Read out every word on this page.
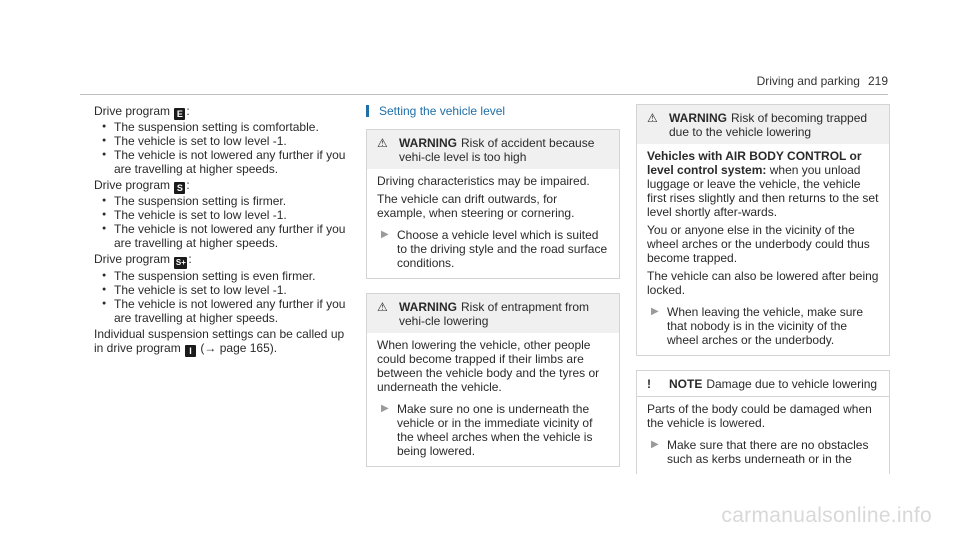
Driving and parking 219

Drive program E :

● The suspension setting is comfortable.
● The vehicle is set to low level -1.
● The vehicle is not lowered any further if you are travelling at higher speeds.

Drive program S :

● The suspension setting is firmer.
● The vehicle is set to low level -1.
● The vehicle is not lowered any further if you are travelling at higher speeds.

Drive program S+ :

● The suspension setting is even firmer.
● The vehicle is set to low level -1.
● The vehicle is not lowered any further if you are travelling at higher speeds.

Individual suspension settings can be called up in drive program I (→ page 165).

Setting the vehicle level
⚠ WARNING Risk of accident because vehi-cle level is too high

Driving characteristics may be impaired.

The vehicle can drift outwards, for example, when steering or cornering.

▶ Choose a vehicle level which is suited to the driving style and the road surface conditions.
⚠ WARNING Risk of entrapment from vehi-cle lowering

When lowering the vehicle, other people could become trapped if their limbs are between the vehicle body and the tyres or underneath the vehicle.

▶ Make sure no one is underneath the vehicle or in the immediate vicinity of the wheel arches when the vehicle is being lowered.
⚠ WARNING Risk of becoming trapped due to the vehicle lowering

Vehicles with AIR BODY CONTROL or level control system: when you unload luggage or leave the vehicle, the vehicle first rises slightly and then returns to the set level shortly after-wards.

You or anyone else in the vicinity of the wheel arches or the underbody could thus become trapped.

The vehicle can also be lowered after being locked.

▶ When leaving the vehicle, make sure that nobody is in the vicinity of the wheel arches or the underbody.
! NOTE Damage due to vehicle lowering

Parts of the body could be damaged when the vehicle is lowered.

▶ Make sure that there are no obstacles such as kerbs underneath or in the
carmanualsonline.info
